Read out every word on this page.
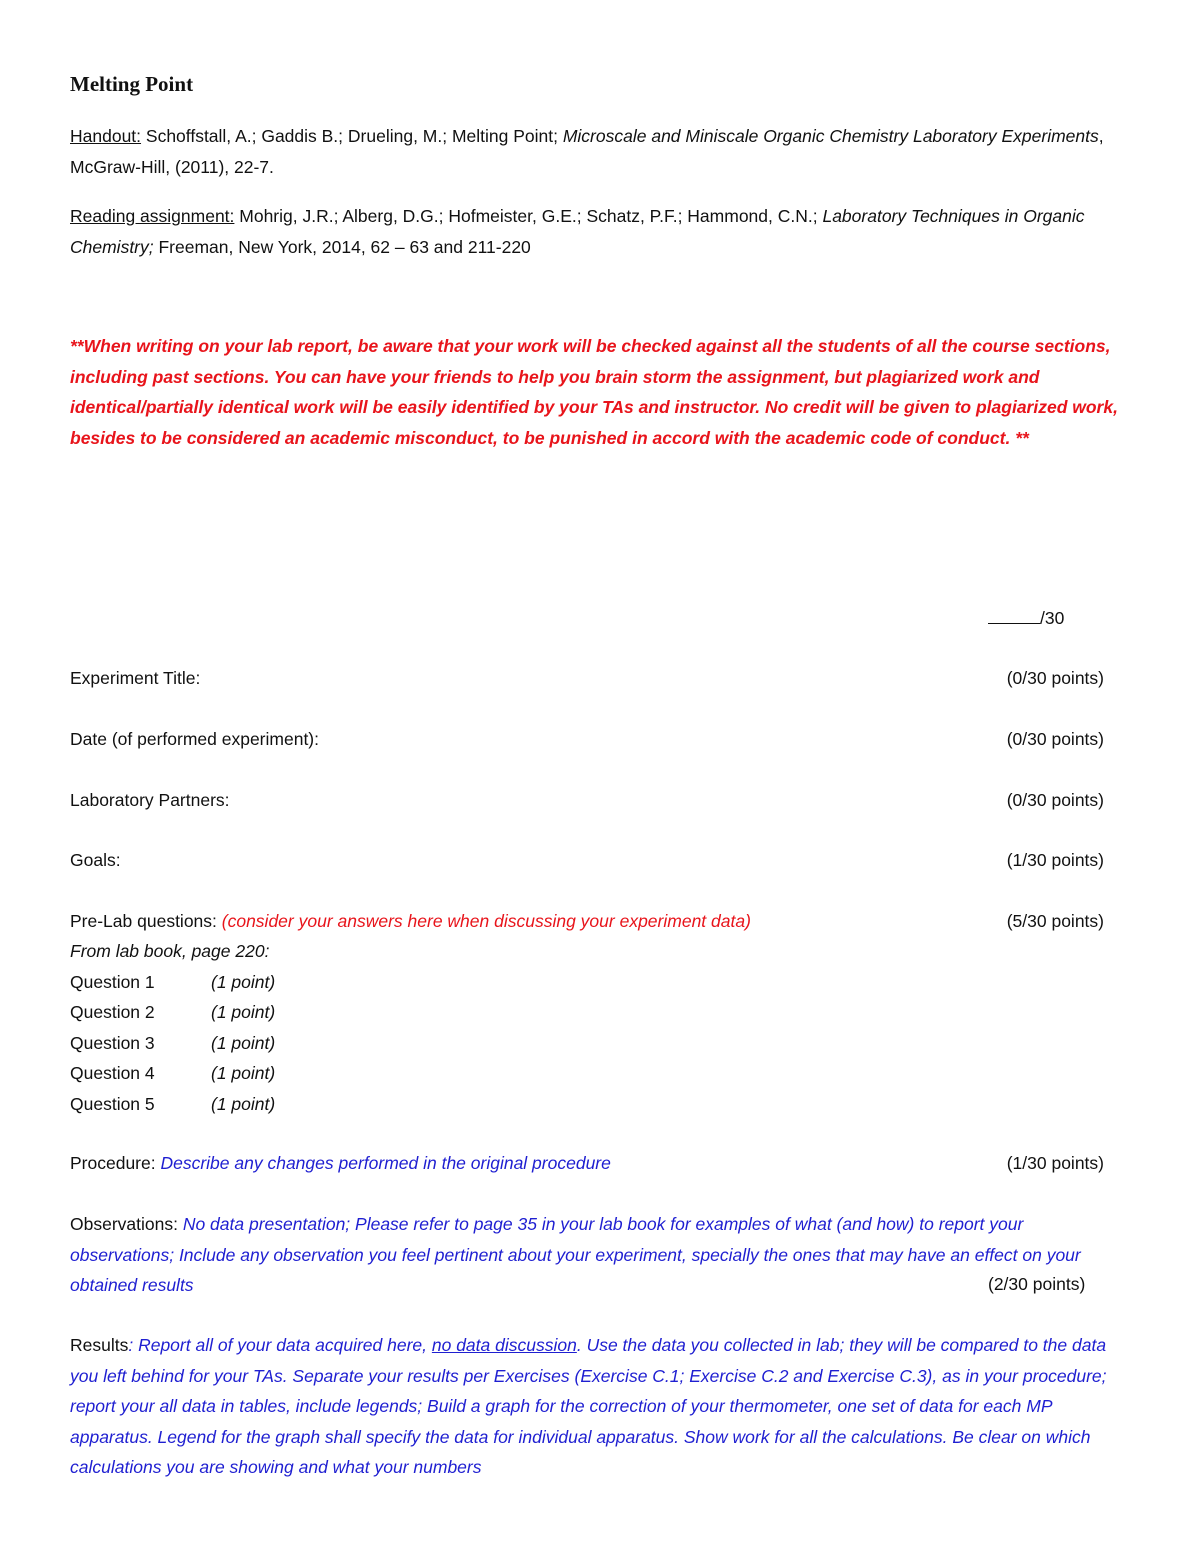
Melting Point
Handout: Schoffstall, A.; Gaddis B.; Drueling, M.; Melting Point; Microscale and Miniscale Organic Chemistry Laboratory Experiments, McGraw-Hill, (2011), 22-7.
Reading assignment: Mohrig, J.R.; Alberg, D.G.; Hofmeister, G.E.; Schatz, P.F.; Hammond, C.N.; Laboratory Techniques in Organic Chemistry; Freeman, New York, 2014, 62 – 63 and 211-220
**When writing on your lab report, be aware that your work will be checked against all the students of all the course sections, including past sections. You can have your friends to help you brain storm the assignment, but plagiarized work and identical/partially identical work will be easily identified by your TAs and instructor. No credit will be given to plagiarized work, besides to be considered an academic misconduct, to be punished in accord with the academic code of conduct. **
/30
Experiment Title:	(0/30 points)
Date (of performed experiment):	(0/30 points)
Laboratory Partners:	(0/30 points)
Goals:	(1/30 points)
Pre-Lab questions: (consider your answers here when discussing your experiment data)	(5/30 points)
From lab book, page 220:
Question 1	(1 point)
Question 2	(1 point)
Question 3	(1 point)
Question 4	(1 point)
Question 5	(1 point)
Procedure: Describe any changes performed in the original procedure	(1/30 points)
Observations: No data presentation; Please refer to page 35 in your lab book for examples of what (and how) to report your observations; Include any observation you feel pertinent about your experiment, specially the ones that may have an effect on your obtained results	(2/30 points)
Results: Report all of your data acquired here, no data discussion. Use the data you collected in lab; they will be compared to the data you left behind for your TAs. Separate your results per Exercises (Exercise C.1; Exercise C.2 and Exercise C.3), as in your procedure; report your all data in tables, include legends; Build a graph for the correction of your thermometer, one set of data for each MP apparatus. Legend for the graph shall specify the data for individual apparatus. Show work for all the calculations. Be clear on which calculations you are showing and what your numbers
